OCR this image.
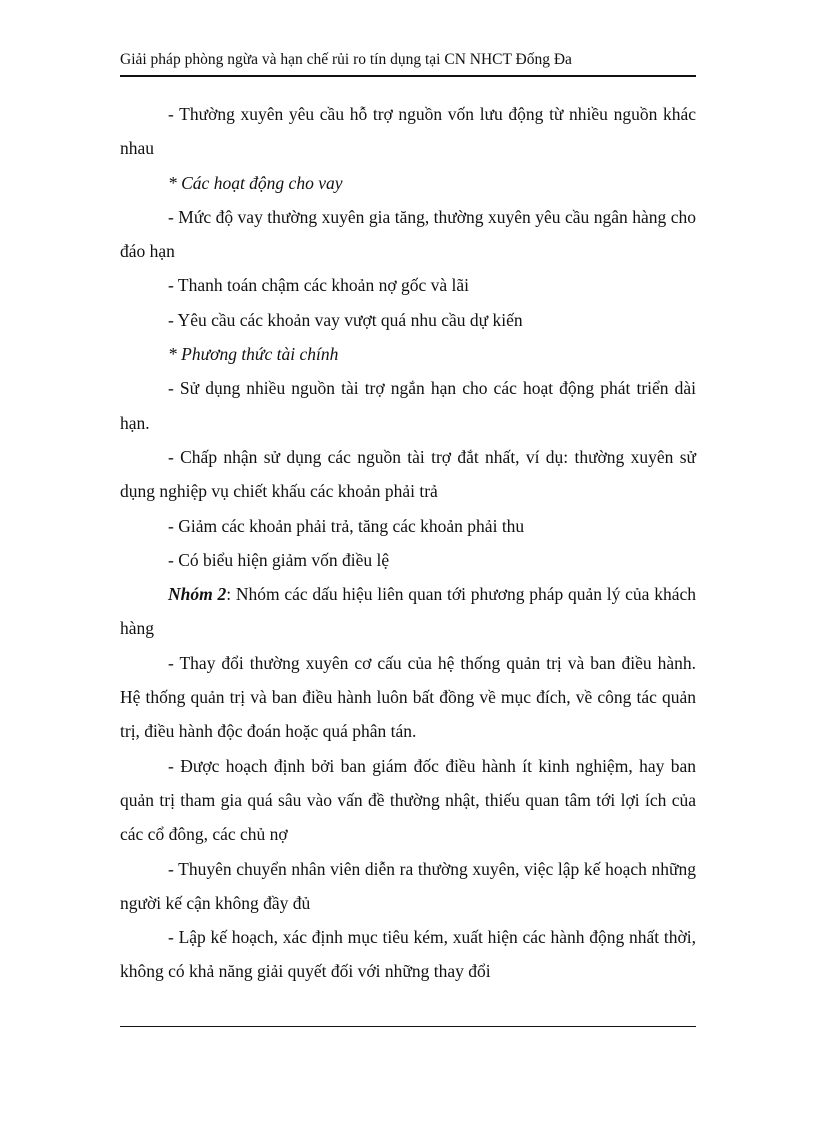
Giải pháp phòng ngừa và hạn chế rủi ro tín dụng tại CN NHCT Đống Đa

- Thường xuyên yêu cầu hỗ trợ nguồn vốn lưu động từ nhiều nguồn khác nhau

* Các hoạt động cho vay

- Mức độ vay thường xuyên gia tăng, thường xuyên yêu cầu ngân hàng cho đáo hạn

- Thanh toán chậm các khoản nợ gốc và lãi

- Yêu cầu các khoản vay vượt quá nhu cầu dự kiến

* Phương thức tài chính

- Sử dụng nhiều nguồn tài trợ ngắn hạn cho các hoạt động phát triển dài hạn.

- Chấp nhận sử dụng các nguồn tài trợ đắt nhất, ví dụ: thường xuyên sử dụng nghiệp vụ chiết khấu các khoản phải trả

- Giảm các khoản phải trả, tăng các khoản phải thu

- Có biểu hiện giảm vốn điều lệ

Nhóm 2: Nhóm các dấu hiệu liên quan tới phương pháp quản lý của khách hàng

- Thay đổi thường xuyên cơ cấu của hệ thống quản trị và ban điều hành. Hệ thống quản trị và ban điều hành luôn bất đồng về mục đích, về công tác quản trị, điều hành độc đoán hoặc quá phân tán.

- Được hoạch định bởi ban giám đốc điều hành ít kinh nghiệm, hay ban quản trị tham gia quá sâu vào vấn đề thường nhật, thiếu quan tâm tới lợi ích của các cổ đông, các chủ nợ

- Thuyên chuyển nhân viên diễn ra thường xuyên, việc lập kế hoạch những người kế cận không đầy đủ

- Lập kế hoạch, xác định mục tiêu kém, xuất hiện các hành động nhất thời, không có khả năng giải quyết đối với những thay đổi
